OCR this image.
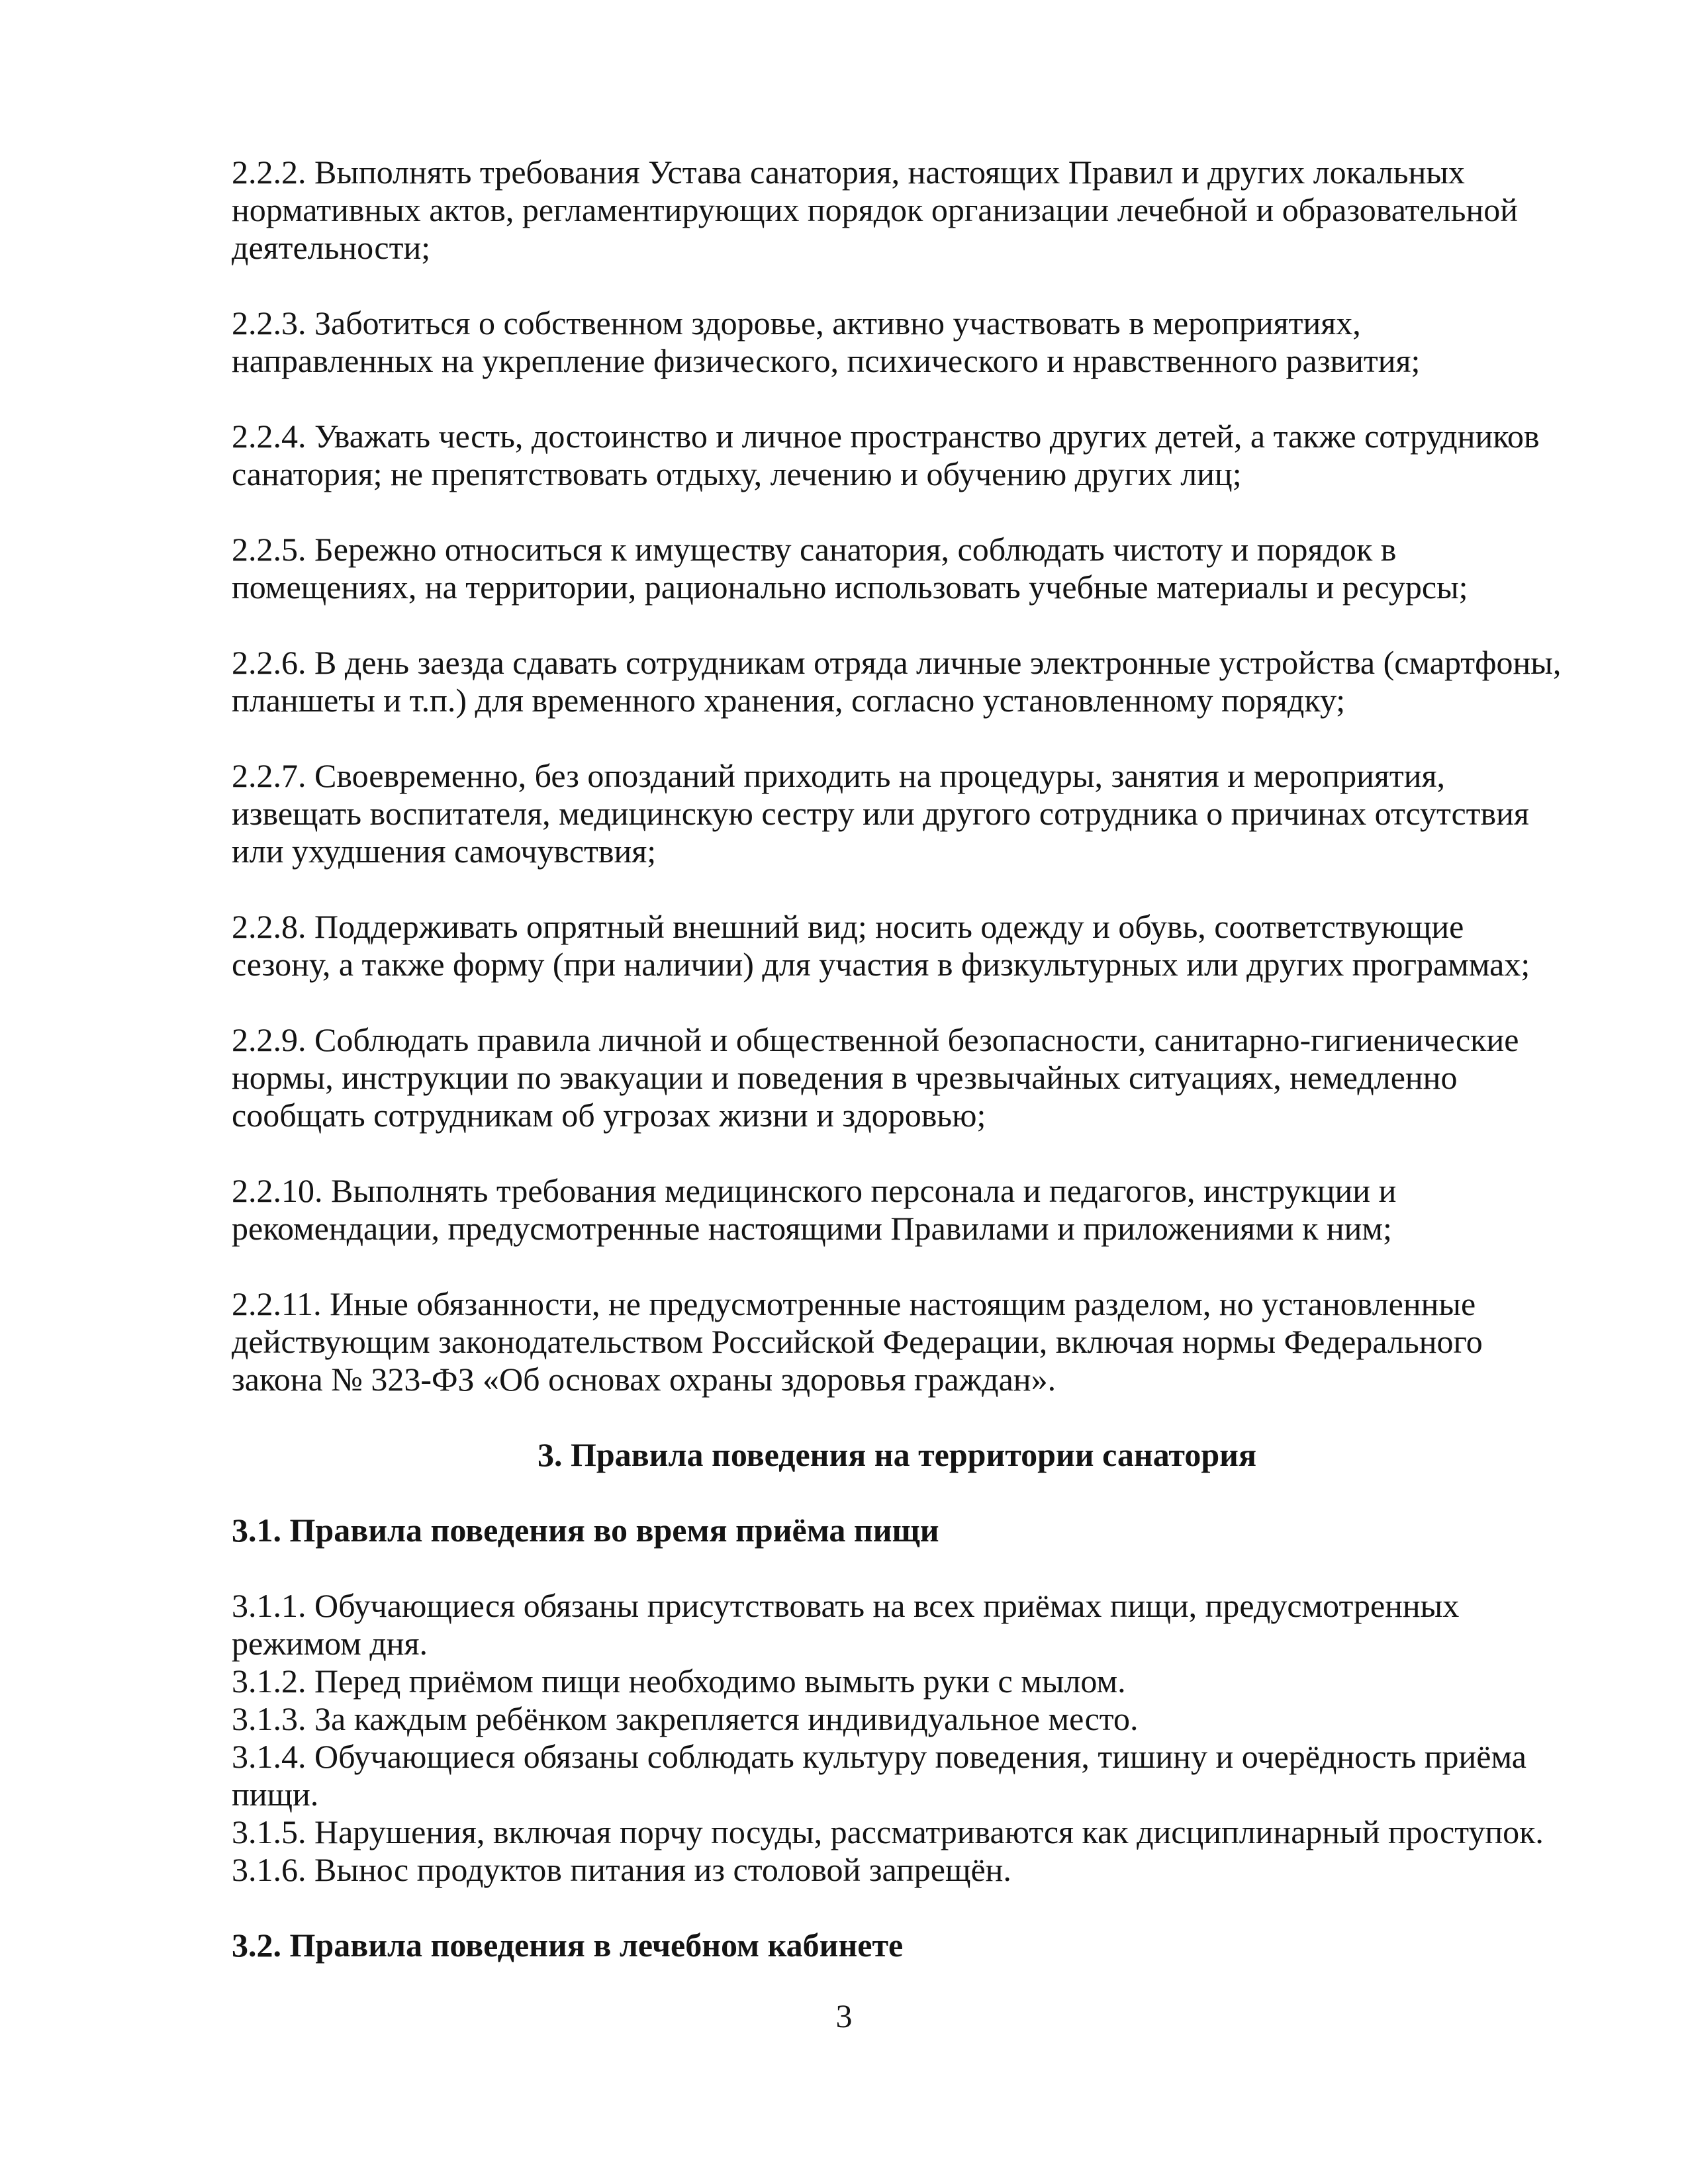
2.2.2. Выполнять требования Устава санатория, настоящих Правил и других локальных
нормативных актов, регламентирующих порядок организации лечебной и образовательной
деятельности;
2.2.3. Заботиться о собственном здоровье, активно участвовать в мероприятиях,
направленных на укрепление физического, психического и нравственного развития;
2.2.4. Уважать честь, достоинство и личное пространство других детей, а также сотрудников
санатория; не препятствовать отдыху, лечению и обучению других лиц;
2.2.5. Бережно относиться к имуществу санатория, соблюдать чистоту и порядок в
помещениях, на территории, рационально использовать учебные материалы и ресурсы;
2.2.6. В день заезда сдавать сотрудникам отряда личные электронные устройства (смартфоны,
планшеты и т.п.) для временного хранения, согласно установленному порядку;
2.2.7. Своевременно, без опозданий приходить на процедуры, занятия и мероприятия,
извещать воспитателя, медицинскую сестру или другого сотрудника о причинах отсутствия
или ухудшения самочувствия;
2.2.8. Поддерживать опрятный внешний вид; носить одежду и обувь, соответствующие
сезону, а также форму (при наличии) для участия в физкультурных или других программах;
2.2.9. Соблюдать правила личной и общественной безопасности, санитарно-гигиенические
нормы, инструкции по эвакуации и поведения в чрезвычайных ситуациях, немедленно
сообщать сотрудникам об угрозах жизни и здоровью;
2.2.10. Выполнять требования медицинского персонала и педагогов, инструкции и
рекомендации, предусмотренные настоящими Правилами и приложениями к ним;
2.2.11. Иные обязанности, не предусмотренные настоящим разделом, но установленные
действующим законодательством Российской Федерации, включая нормы Федерального
закона № 323-ФЗ «Об основах охраны здоровья граждан».
3. Правила поведения на территории санатория
3.1. Правила поведения во время приёма пищи
3.1.1. Обучающиеся обязаны присутствовать на всех приёмах пищи, предусмотренных
режимом дня.
3.1.2. Перед приёмом пищи необходимо вымыть руки с мылом.
3.1.3. За каждым ребёнком закрепляется индивидуальное место.
3.1.4. Обучающиеся обязаны соблюдать культуру поведения, тишину и очерёдность приёма
пищи.
3.1.5. Нарушения, включая порчу посуды, рассматриваются как дисциплинарный проступок.
3.1.6. Вынос продуктов питания из столовой запрещён.
3.2. Правила поведения в лечебном кабинете
3
